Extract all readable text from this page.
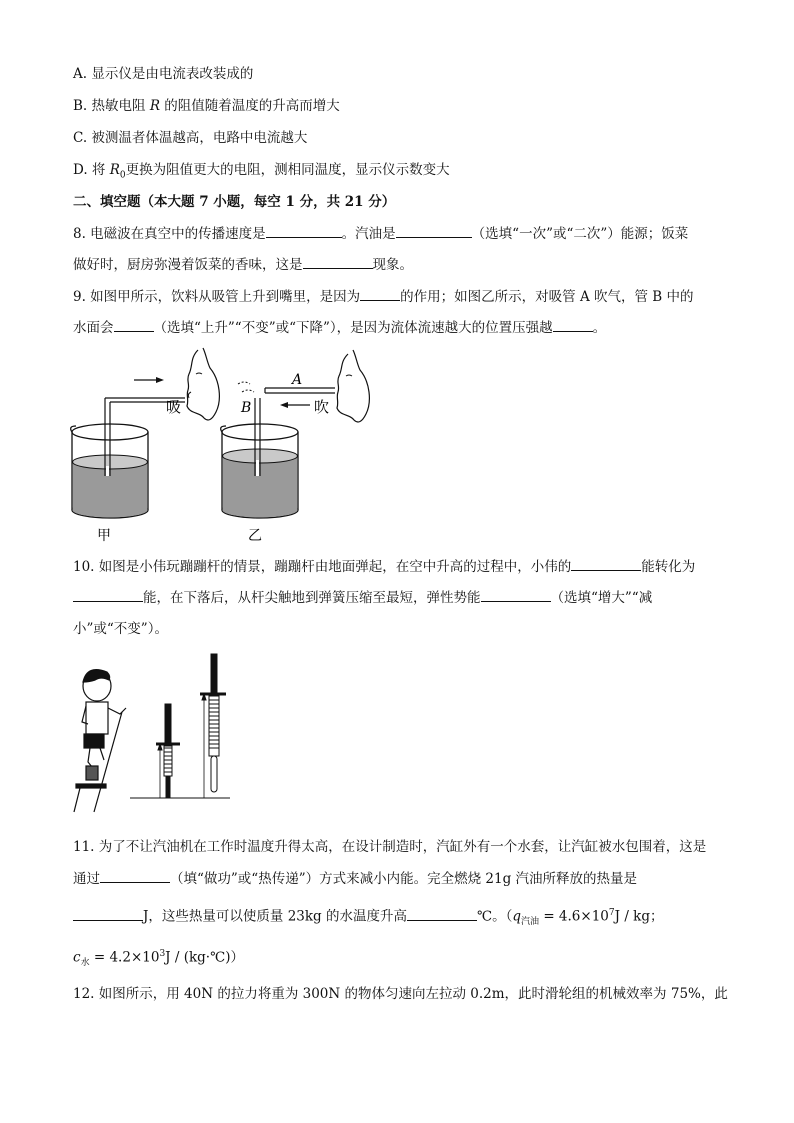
A. 显示仪是由电流表改装成的
B. 热敏电阻 R 的阻值随着温度的升高而增大
C. 被测温者体温越高，电路中电流越大
D. 将 $R_0$更换为阻值更大的电阻，测相同温度，显示仪示数变大
二、填空题（本大题 7 小题，每空 1 分，共 21 分）
8. 电磁波在真空中的传播速度是	。汽油是	（选填“一次”或“二次”）能源；饭菜
做好时，厨房弥漫着饭菜的香味，这是	现象。
9. 如图甲所示，饮料从吸管上升到嘴里，是因为	的作用；如图乙所示，对吸管 A 吹气，管 B 中的
水面会	（选填“上升”“不变”或“下降”），是因为流体流速越大的位置压强越	。
吸
甲
A
B	吹
乙
10. 如图是小伟玩蹦蹦杆的情景，蹦蹦杆由地面弹起，在空中升高的过程中，小伟的	能转化为
能，在下落后，从杆尖触地到弹簧压缩至最短，弹性势能	（选填“增大”“减
小”或“不变”）。
11. 为了不让汽油机在工作时温度升得太高，在设计制造时，汽缸外有一个水套，让汽缸被水包围着，这是
通过	（填“做功”或“热传递”）方式来减小内能。完全燃烧 21g 汽油所释放的热量是
J，这些热量可以使质量 23kg 的水温度升高	℃。（$q_{汽油} = 4.6\times 10^7J$ / kg；
$c_水 = 4.2\times 10^3J$ / (kg·℃)）
12. 如图所示，用 40N 的拉力将重为 300N 的物体匀速向左拉动 0.2m，此时滑轮组的机械效率为 75%，此
